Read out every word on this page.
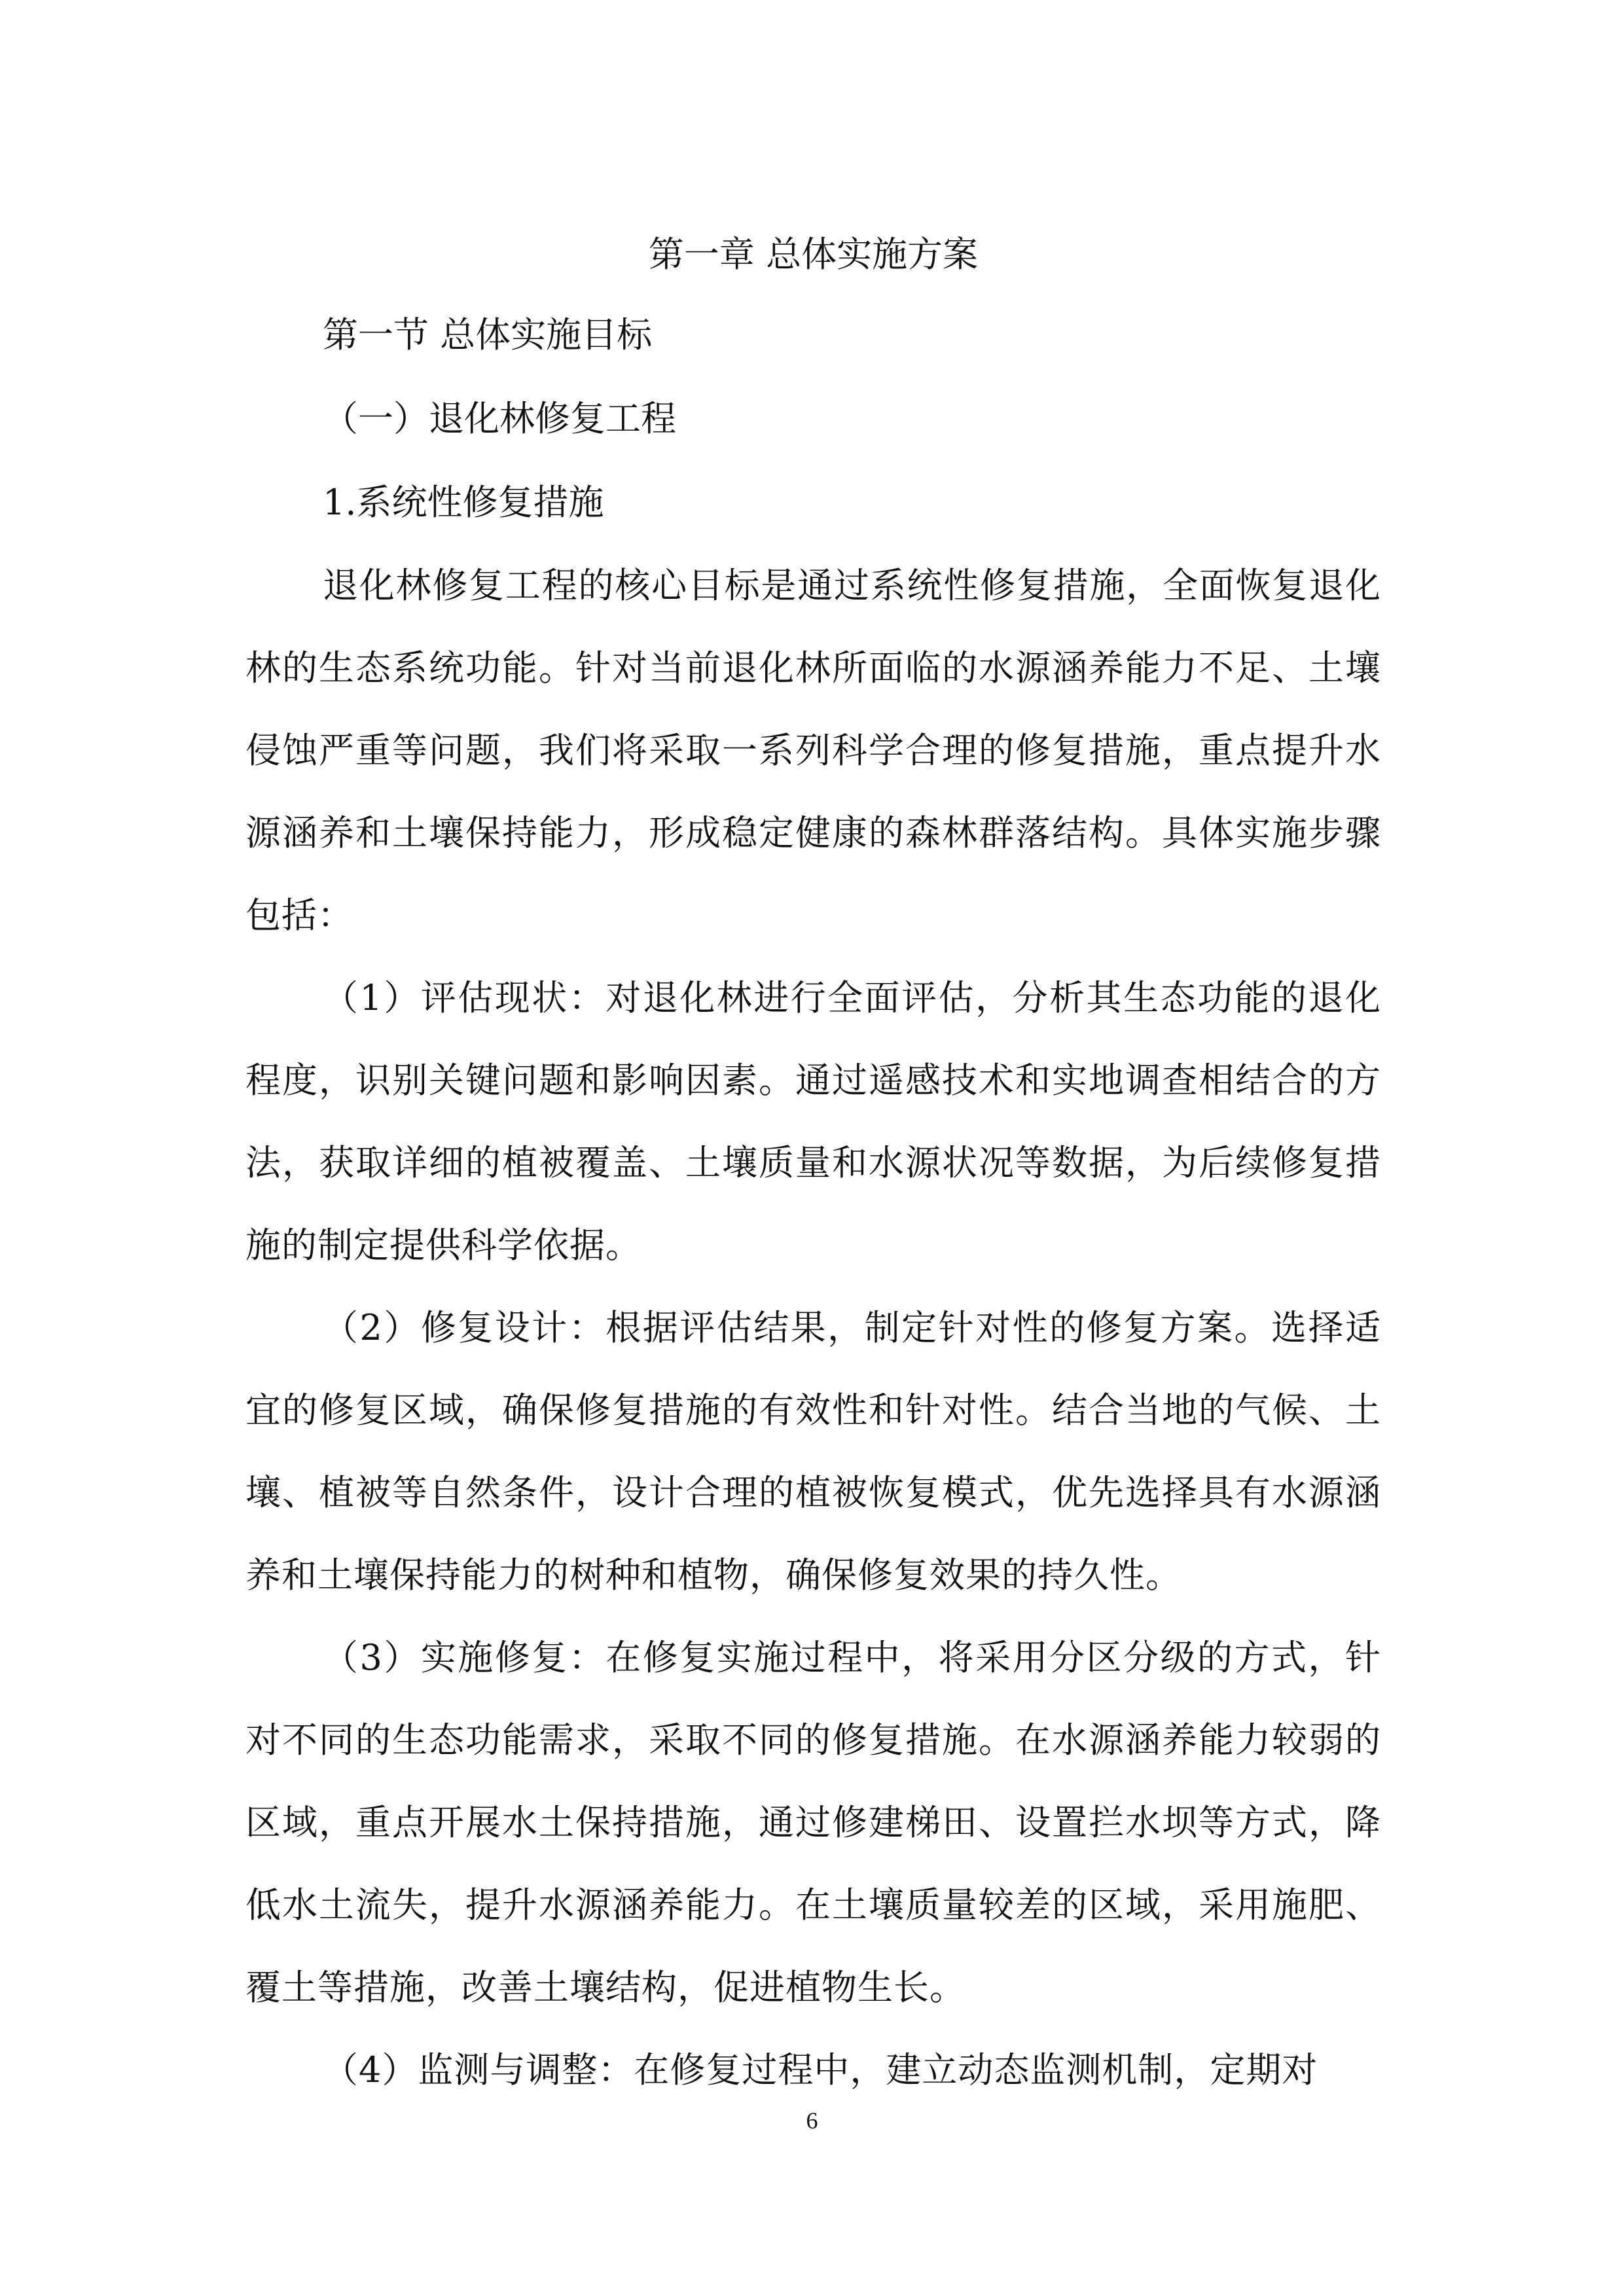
第一章 总体实施方案
第一节 总体实施目标
（一）退化林修复工程
1.系统性修复措施

退化林修复工程的核心目标是通过系统性修复措施，全面恢复退化林的生态系统功能。针对当前退化林所面临的水源涵养能力不足、土壤侵蚀严重等问题，我们将采取一系列科学合理的修复措施，重点提升水源涵养和土壤保持能力，形成稳定健康的森林群落结构。具体实施步骤包括：

（1）评估现状：对退化林进行全面评估，分析其生态功能的退化程度，识别关键问题和影响因素。通过遥感技术和实地调查相结合的方法，获取详细的植被覆盖、土壤质量和水源状况等数据，为后续修复措施的制定提供科学依据。

（2）修复设计：根据评估结果，制定针对性的修复方案。选择适宜的修复区域，确保修复措施的有效性和针对性。结合当地的气候、土壤、植被等自然条件，设计合理的植被恢复模式，优先选择具有水源涵养和土壤保持能力的树种和植物，确保修复效果的持久性。

（3）实施修复：在修复实施过程中，将采用分区分级的方式，针对不同的生态功能需求，采取不同的修复措施。在水源涵养能力较弱的区域，重点开展水土保持措施，通过修建梯田、设置拦水坝等方式，降低水土流失，提升水源涵养能力。在土壤质量较差的区域，采用施肥、覆土等措施，改善土壤结构，促进植物生长。

（4）监测与调整：在修复过程中，建立动态监测机制，定期对

6
